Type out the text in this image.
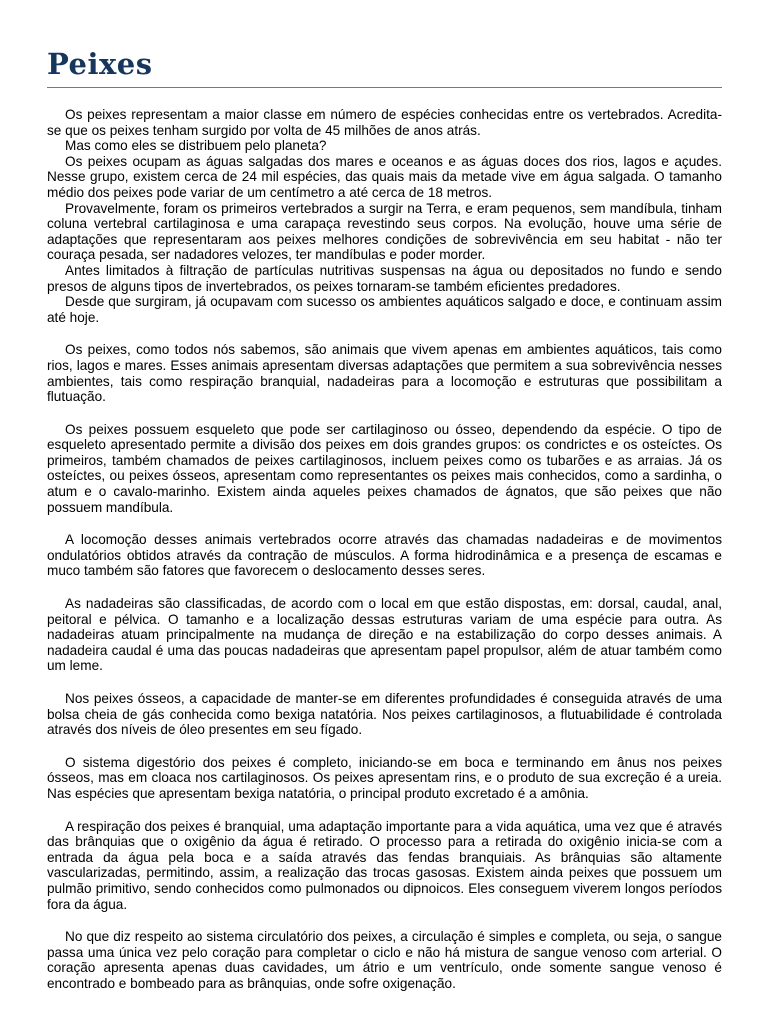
Peixes

Os peixes representam a maior classe em número de espécies conhecidas entre os vertebrados. Acredita-se que os peixes tenham surgido por volta de 45 milhões de anos atrás.

Mas como eles se distribuem pelo planeta?

Os peixes ocupam as águas salgadas dos mares e oceanos e as águas doces dos rios, lagos e açudes. Nesse grupo, existem cerca de 24 mil espécies, das quais mais da metade vive em água salgada. O tamanho médio dos peixes pode variar de um centímetro a até cerca de 18 metros.

Provavelmente, foram os primeiros vertebrados a surgir na Terra, e eram pequenos, sem mandíbula, tinham coluna vertebral cartilaginosa e uma carapaça revestindo seus corpos. Na evolução, houve uma série de adaptações que representaram aos peixes melhores condições de sobrevivência em seu habitat - não ter couraça pesada, ser nadadores velozes, ter mandíbulas e poder morder.

Antes limitados à filtração de partículas nutritivas suspensas na água ou depositados no fundo e sendo presos de alguns tipos de invertebrados, os peixes tornaram-se também eficientes predadores.

Desde que surgiram, já ocupavam com sucesso os ambientes aquáticos salgado e doce, e continuam assim até hoje.

Os peixes, como todos nós sabemos, são animais que vivem apenas em ambientes aquáticos, tais como rios, lagos e mares. Esses animais apresentam diversas adaptações que permitem a sua sobrevivência nesses ambientes, tais como respiração branquial, nadadeiras para a locomoção e estruturas que possibilitam a flutuação.

Os peixes possuem esqueleto que pode ser cartilaginoso ou ósseo, dependendo da espécie. O tipo de esqueleto apresentado permite a divisão dos peixes em dois grandes grupos: os condrictes e os osteíctes. Os primeiros, também chamados de peixes cartilaginosos, incluem peixes como os tubarões e as arraias. Já os osteíctes, ou peixes ósseos, apresentam como representantes os peixes mais conhecidos, como a sardinha, o atum e o cavalo-marinho. Existem ainda aqueles peixes chamados de ágnatos, que são peixes que não possuem mandíbula.

A locomoção desses animais vertebrados ocorre através das chamadas nadadeiras e de movimentos ondulatórios obtidos através da contração de músculos. A forma hidrodinâmica e a presença de escamas e muco também são fatores que favorecem o deslocamento desses seres.

As nadadeiras são classificadas, de acordo com o local em que estão dispostas, em: dorsal, caudal, anal, peitoral e pélvica. O tamanho e a localização dessas estruturas variam de uma espécie para outra. As nadadeiras atuam principalmente na mudança de direção e na estabilização do corpo desses animais. A nadadeira caudal é uma das poucas nadadeiras que apresentam papel propulsor, além de atuar também como um leme.

Nos peixes ósseos, a capacidade de manter-se em diferentes profundidades é conseguida através de uma bolsa cheia de gás conhecida como bexiga natatória. Nos peixes cartilaginosos, a flutuabilidade é controlada através dos níveis de óleo presentes em seu fígado.

O sistema digestório dos peixes é completo, iniciando-se em boca e terminando em ânus nos peixes ósseos, mas em cloaca nos cartilaginosos. Os peixes apresentam rins, e o produto de sua excreção é a ureia. Nas espécies que apresentam bexiga natatória, o principal produto excretado é a amônia.

A respiração dos peixes é branquial, uma adaptação importante para a vida aquática, uma vez que é através das brânquias que o oxigênio da água é retirado. O processo para a retirada do oxigênio inicia-se com a entrada da água pela boca e a saída através das fendas branquiais. As brânquias são altamente vascularizadas, permitindo, assim, a realização das trocas gasosas. Existem ainda peixes que possuem um pulmão primitivo, sendo conhecidos como pulmonados ou dipnoicos. Eles conseguem viverem longos períodos fora da água.

No que diz respeito ao sistema circulatório dos peixes, a circulação é simples e completa, ou seja, o sangue passa uma única vez pelo coração para completar o ciclo e não há mistura de sangue venoso com arterial. O coração apresenta apenas duas cavidades, um átrio e um ventrículo, onde somente sangue venoso é encontrado e bombeado para as brânquias, onde sofre oxigenação.
